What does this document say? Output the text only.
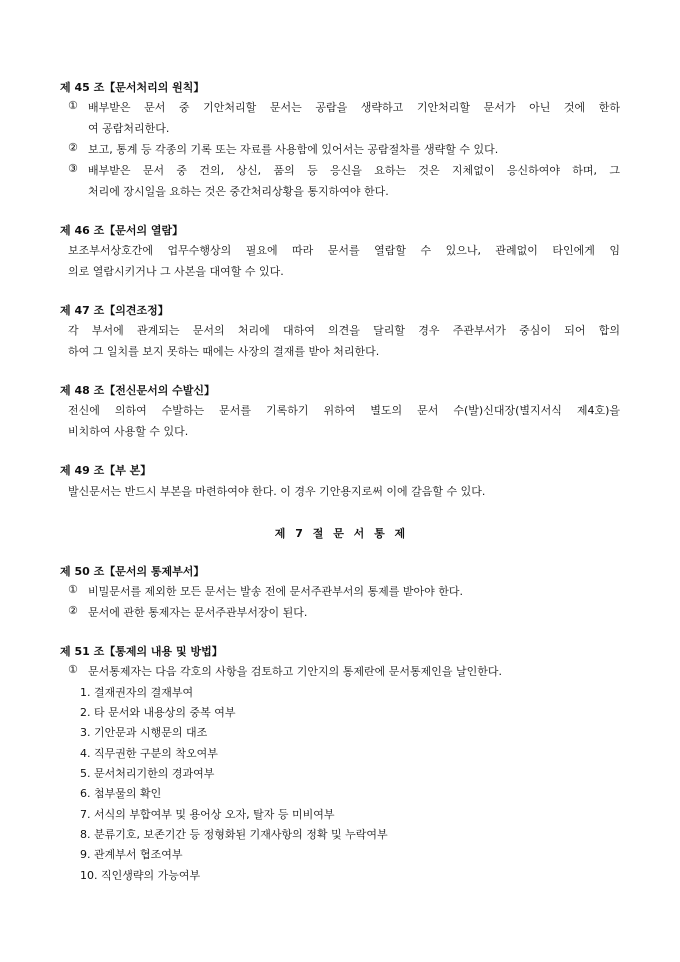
제 45 조【문서처리의 원칙】
① 배부받은 문서 중 기안처리할 문서는 공람을 생략하고 기안처리할 문서가 아닌 것에 한하
여 공람처리한다.
② 보고, 통계 등 각종의 기록 또는 자료를 사용함에 있어서는 공람절차를 생략할 수 있다.
③ 배부받은 문서 중 건의, 상신, 품의 등 응신을 요하는 것은 지체없이 응신하여야 하며, 그
처리에 장시일을 요하는 것은 중간처리상황을 통지하여야 한다.
제 46 조【문서의 열람】
보조부서상호간에 업무수행상의 필요에 따라 문서를 열람할 수 있으나, 관례없이 타인에게 임
의로 열람시키거나 그 사본을 대여할 수 있다.
제 47 조【의견조정】
각 부서에 관계되는 문서의 처리에 대하여 의견을 달리할 경우 주관부서가 중심이 되어 합의
하여 그 일치를 보지 못하는 때에는 사장의 결재를 받아 처리한다.
제 48 조【전신문서의 수발신】
전신에 의하여 수발하는 문서를 기록하기 위하여 별도의 문서 수(발)신대장(별지서식 제4호)을
비치하여 사용할 수 있다.
제 49 조【부 본】
발신문서는 반드시 부본을 마련하여야 한다. 이 경우 기안용지로써 이에 갈음할 수 있다.
제 7 절 문 서 통 제
제 50 조【문서의 통제부서】
① 비밀문서를 제외한 모든 문서는 발송 전에 문서주관부서의 통제를 받아야 한다.
② 문서에 관한 통제자는 문서주관부서장이 된다.
제 51 조【통제의 내용 및 방법】
① 문서통제자는 다음 각호의 사항을 검토하고 기안지의 통제란에 문서통제인을 날인한다.
1. 결재권자의 결재부여
2. 타 문서와 내용상의 중복 여부
3. 기안문과 시행문의 대조
4. 직무권한 구분의 착오여부
5. 문서처리기한의 경과여부
6. 첨부물의 확인
7. 서식의 부합여부 및 용어상 오자, 탈자 등 미비여부
8. 분류기호, 보존기간 등 정형화된 기재사항의 정확 및 누락여부
9. 관계부서 협조여부
10. 직인생략의 가능여부
